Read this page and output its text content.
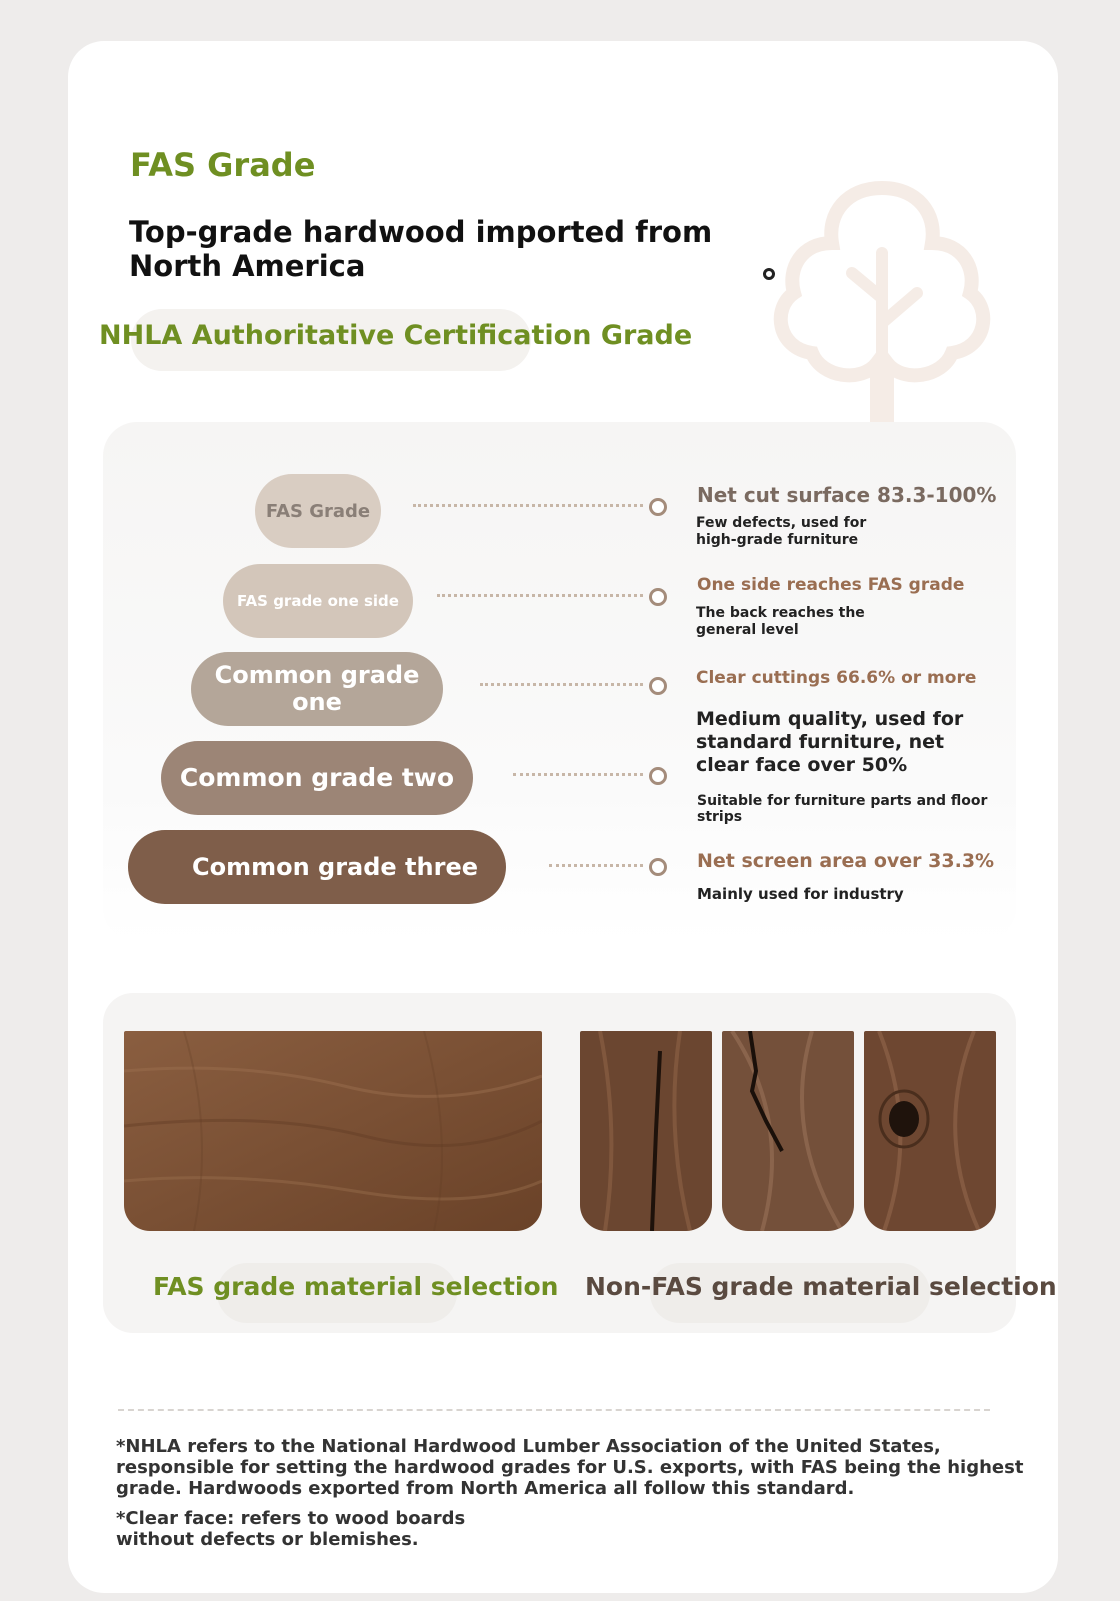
FAS Grade
Top-grade hardwood imported from North America
NHLA Authoritative Certification Grade
FAS Grade
FAS grade one side
Common grade one
Common grade two
Common grade three

Net cut surface 83.3-100%

Few defects, used for high-grade furniture

One side reaches FAS grade

The back reaches the general level

Clear cuttings 66.6% or more

Medium quality, used for standard furniture, net clear face over 50%

Suitable for furniture parts and floor strips

Net screen area over 33.3%

Mainly used for industry

FAS grade material selection Non-FAS grade material selection

*NHLA refers to the National Hardwood Lumber Association of the United States, responsible for setting the hardwood grades for U.S. exports, with FAS being the highest grade. Hardwoods exported from North America all follow this standard.

*Clear face: refers to wood boards without defects or blemishes.
